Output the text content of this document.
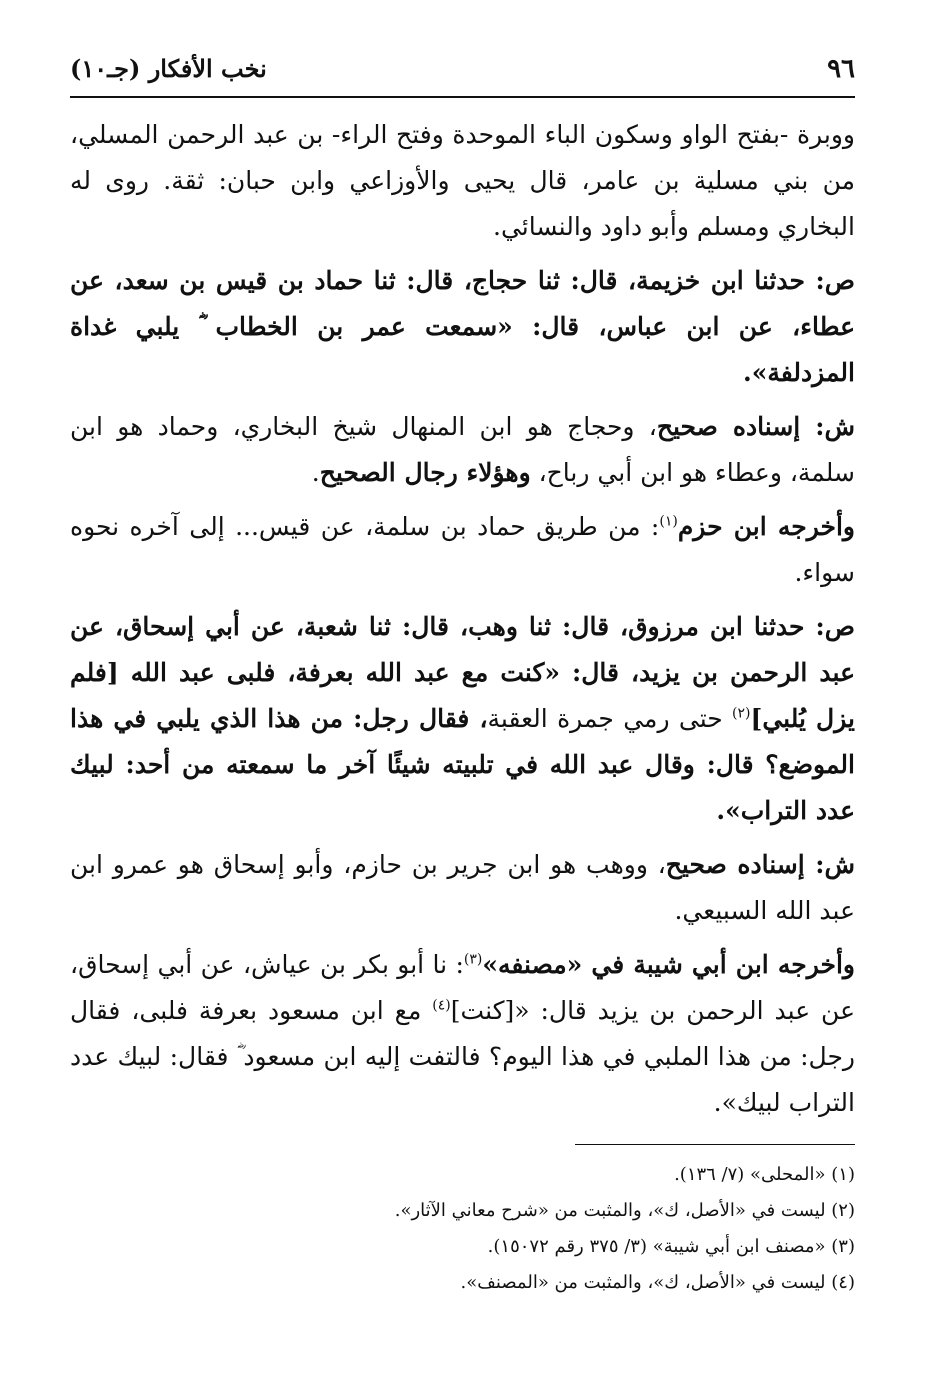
٩٦
نخب الأفكار (جـ١٠)

ووبرة -بفتح الواو وسكون الباء الموحدة وفتح الراء- بن عبد الرحمن المسلي، من بني مسلية بن عامر، قال يحيى والأوزاعي وابن حبان: ثقة. روى له البخاري ومسلم وأبو داود والنسائي.

ص: حدثنا ابن خزيمة، قال: ثنا حجاج، قال: ثنا حماد بن قيس بن سعد، عن عطاء، عن ابن عباس، قال: «سمعت عمر بن الخطاب ؓ يلبي غداة المزدلفة».

ش: إسناده صحيح، وحجاج هو ابن المنهال شيخ البخاري، وحماد هو ابن سلمة، وعطاء هو ابن أبي رباح، وهؤلاء رجال الصحيح.

وأخرجه ابن حزم$^{(١)}$: من طريق حماد بن سلمة، عن قيس... إلى آخره نحوه سواء.

ص: حدثنا ابن مرزوق، قال: ثنا وهب، قال: ثنا شعبة، عن أبي إسحاق، عن عبد الرحمن بن يزيد، قال: «كنت مع عبد الله بعرفة، فلبى عبد الله [فلم يزل يُلبي]$^{(٢)}$ حتى رمي جمرة العقبة، فقال رجل: من هذا الذي يلبي في هذا الموضع؟ قال: وقال عبد الله في تلبيته شيئًا آخر ما سمعته من أحد: لبيك عدد التراب».

ش: إسناده صحيح، ووهب هو ابن جرير بن حازم، وأبو إسحاق هو عمرو ابن عبد الله السبيعي.

وأخرجه ابن أبي شيبة في «مصنفه»$^{(٣)}$: نا أبو بكر بن عياش، عن أبي إسحاق، عن عبد الرحمن بن يزيد قال: «[كنت]$^{(٤)}$ مع ابن مسعود بعرفة فلبى، فقال رجل: من هذا الملبي في هذا اليوم؟ فالتفت إليه ابن مسعود ؓ فقال: لبيك عدد التراب لبيك».

(١) «المحلى» (٧/ ١٣٦).

(٢) ليست في «الأصل، ك»، والمثبت من «شرح معاني الآثار».

(٣) «مصنف ابن أبي شيبة» (٣/ ٣٧٥ رقم ١٥٠٧٢).

(٤) ليست في «الأصل، ك»، والمثبت من «المصنف».
